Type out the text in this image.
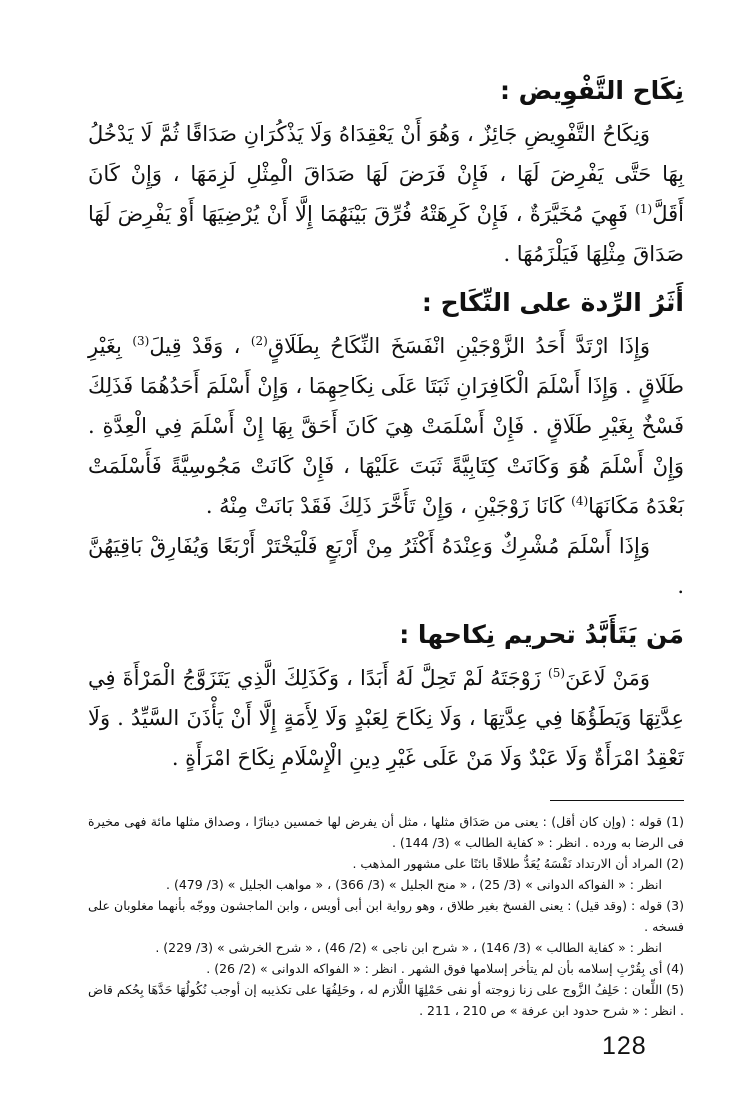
نِكَاح التَّفْوِيض :

وَنِكَاحُ التَّفْوِيضِ جَائِزٌ ، وَهُوَ أَنْ يَعْقِدَاهُ وَلَا يَذْكُرَانِ صَدَاقًا ثُمَّ لَا يَدْخُلُ بِهَا حَتَّى يَفْرِضَ لَهَا ، فَإِنْ فَرَضَ لَهَا صَدَاقَ الْمِثْلِ لَزِمَهَا ، وَإِنْ كَانَ أَقَلَّ$^{(1)}$ فَهِيَ مُخَيَّرَةٌ ، فَإِنْ كَرِهَتْهُ فُرِّقَ بَيْنَهُمَا إِلَّا أَنْ يُرْضِيَهَا أَوْ يَفْرِضَ لَهَا صَدَاقَ مِثْلِهَا فَيَلْزَمُهَا .

أَثَرُ الرِّدة على النِّكَاح :

وَإِذَا ارْتَدَّ أَحَدُ الزَّوْجَيْنِ انْفَسَخَ النِّكَاحُ بِطَلَاقٍ$^{(2)}$ ، وَقَدْ قِيلَ$^{(3)}$ بِغَيْرِ طَلَاقٍ . وَإِذَا أَسْلَمَ الْكَافِرَانِ ثَبَتَا عَلَى نِكَاحِهِمَا ، وَإِنْ أَسْلَمَ أَحَدُهُمَا فَذَلِكَ فَسْخٌ بِغَيْرِ طَلَاقٍ . فَإِنْ أَسْلَمَتْ هِيَ كَانَ أَحَقَّ بِهَا إِنْ أَسْلَمَ فِي الْعِدَّةِ . وَإِنْ أَسْلَمَ هُوَ وَكَانَتْ كِتَابِيَّةً ثَبَتَ عَلَيْهَا ، فَإِنْ كَانَتْ مَجُوسِيَّةً فَأَسْلَمَتْ بَعْدَهُ مَكَانَهَا$^{(4)}$ كَانَا زَوْجَيْنِ ، وَإِنْ تَأَخَّرَ ذَلِكَ فَقَدْ بَانَتْ مِنْهُ .

وَإِذَا أَسْلَمَ مُشْرِكٌ وَعِنْدَهُ أَكْثَرُ مِنْ أَرْبَعٍ فَلْيَخْتَرْ أَرْبَعًا وَيُفَارِقْ بَاقِيَهُنَّ .

مَن يَتَأَبَّدُ تحريم نِكاحها :

وَمَنْ لَاعَنَ$^{(5)}$ زَوْجَتَهُ لَمْ تَحِلَّ لَهُ أَبَدًا ، وَكَذَلِكَ الَّذِي يَتَزَوَّجُ الْمَرْأَةَ فِي عِدَّتِهَا وَيَطَؤُهَا فِي عِدَّتِهَا ، وَلَا نِكَاحَ لِعَبْدٍ وَلَا لِأَمَةٍ إِلَّا أَنْ يَأْذَنَ السَّيِّدُ . وَلَا تَعْقِدُ امْرَأَةٌ وَلَا عَبْدٌ وَلَا مَنْ عَلَى غَيْرِ دِينِ الْإِسْلَامِ نِكَاحَ امْرَأَةٍ .

(1) قوله : (وإن كان أقل) : يعنى من صَدَاق مثلها ، مثل أن يفرض لها خمسين دينارًا ، وصداق مثلها مائة فهى مخيرة فى الرضا به ورده . انظر : « كفاية الطالب » (3/ 144) .

(2) المراد أن الارتداد نَفْسَهُ يُعَدُّ طلاقًا بائنًا على مشهور المذهب .

انظر : « الفواكه الدوانى » (3/ 25) ، « منح الجليل » (3/ 366) ، « مواهب الجليل » (3/ 479) .

(3) قوله : (وقد قيل) : يعنى الفسخ بغير طلاق ، وهو رواية ابن أبى أويس ، وابن الماجشون ووجّه بأنهما مغلوبان على فسخه .

انظر : « كفاية الطالب » (3/ 146) ، « شرح ابن ناجى » (2/ 46) ، « شرح الخرشى » (3/ 229) .

(4) أى بِقُرْبِ إسلامه بأن لم يتأخر إسلامها فوق الشهر . انظر : « الفواكه الدوانى » (2/ 26) .

(5) اللِّعان : حَلِفُ الزَّوج على زنا زوجته أو نفى حَمْلِهَا اللَّازم له ، وحَلِفُهَا على تكذيبه إن أوجب نُكُولُهَا حَدَّهَا بِحُكم قاض . انظر : « شرح حدود ابن عرفة » ص 210 ، 211 .

128
